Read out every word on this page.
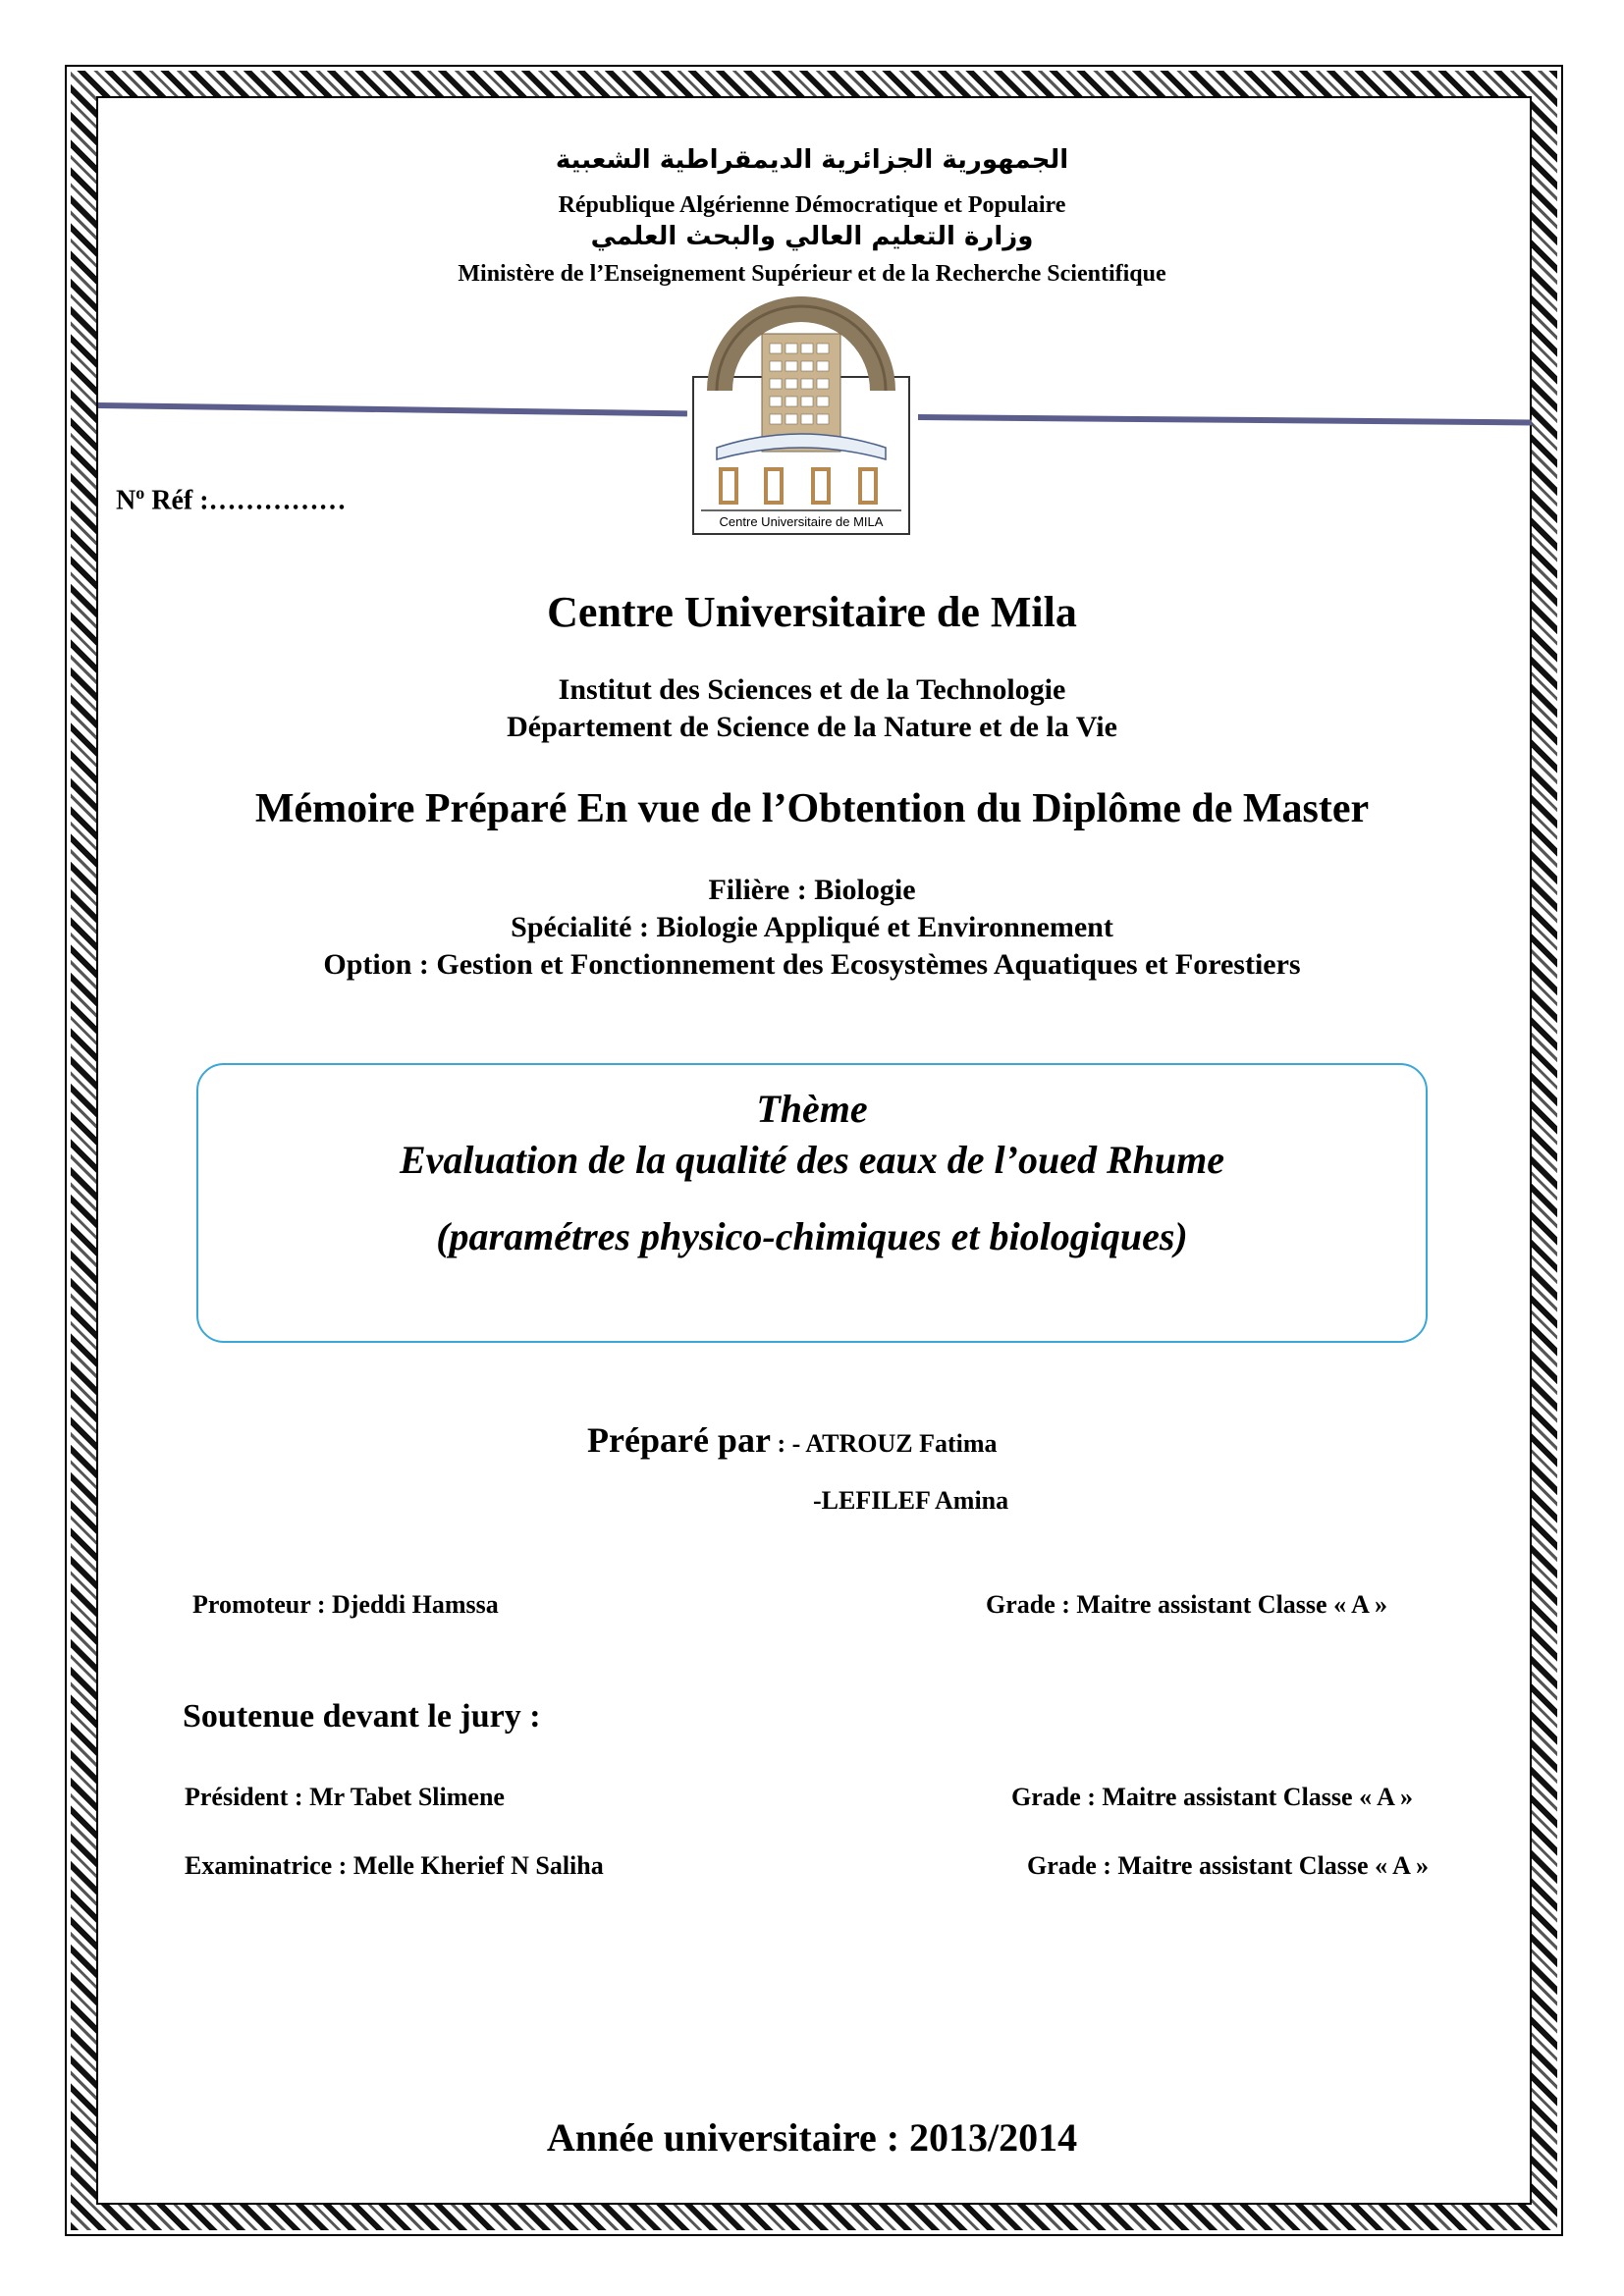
الجمهورية الجزائرية الديمقراطية الشعبية
République Algérienne Démocratique et Populaire
وزارة التعليم العالي والبحث العلمي
Ministère de l’Enseignement Supérieur et de la Recherche Scientifique
Centre Universitaire de MILA
$N^o$ Réf :……………
Centre Universitaire de Mila
Institut des Sciences et de la Technologie
Département de Science de la Nature et de la Vie
Mémoire Préparé En vue de l’Obtention du Diplôme de Master
Filière : Biologie
Spécialité : Biologie Appliqué et Environnement
Option : Gestion et Fonctionnement des Ecosystèmes Aquatiques et Forestiers
Thème
Evaluation de la qualité des eaux de l’oued Rhume
(paramétres physico-chimiques et biologiques)
Préparé par : - ATROUZ Fatima
-LEFILEF Amina
Promoteur : Djeddi Hamssa	Grade : Maitre assistant Classe « A »
Soutenue devant le jury :
Président : Mr Tabet Slimene	Grade : Maitre assistant Classe « A »
Examinatrice : Melle Kherief N Saliha	Grade : Maitre assistant Classe « A »
Année universitaire : 2013/2014
